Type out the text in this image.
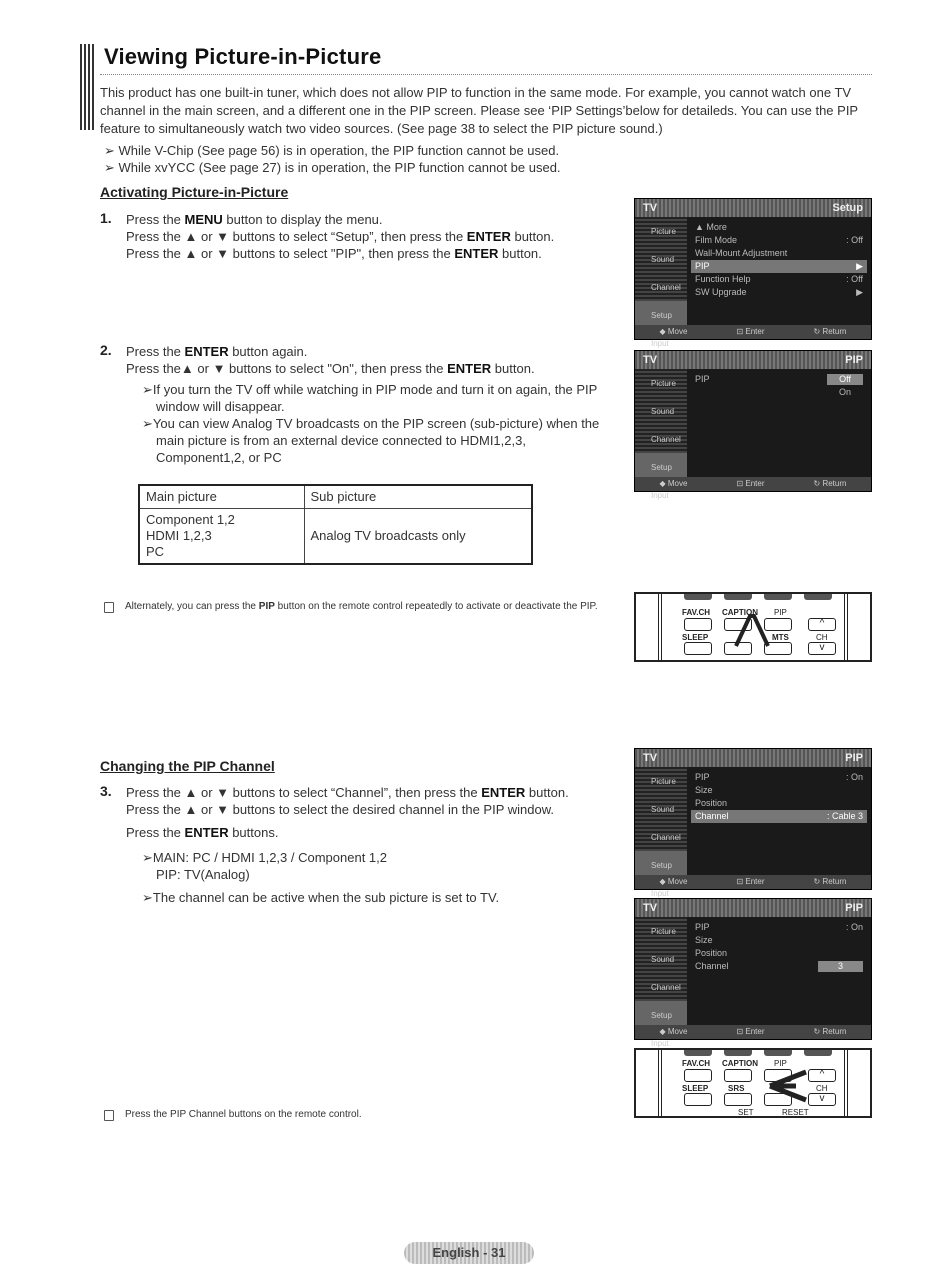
Viewing Picture-in-Picture

This product has one built-in tuner, which does not allow PIP to function in the same mode. For example, you cannot watch one TV channel in the main screen, and a different one in the PIP screen. Please see ‘PIP Settings’below for detaileds. You can use the PIP feature to simultaneously watch two video sources. (See page 38 to select the PIP picture sound.)

➢ While V-Chip (See page 56) is in operation, the PIP function cannot be used.
➢ While xvYCC (See page 27) is in operation, the PIP function cannot be used.
Activating Picture-in-Picture
1. Press the MENU button to display the menu.
Press the ▲ or ▼ buttons to select “Setup”, then press the ENTER button.
Press the ▲ or ▼ buttons to select "PIP", then press the ENTER button.
2. Press the ENTER button again.
Press the▲ or ▼ buttons to select "On", then press the ENTER button.
➢ If you turn the TV off while watching in PIP mode and turn it on again, the PIP window will disappear.
➢ You can view Analog TV broadcasts on the PIP screen (sub-picture) when the main picture is from an external device connected to HDMI1,2,3, Component1,2, or PC
Main picture	Sub picture

Component 1,2
HDMI 1,2,3
PC	Analog TV broadcasts only
Alternately, you can press the PIP button on the remote control repeatedly to activate or deactivate the PIP.
Changing the PIP Channel
3. Press the ▲ or ▼ buttons to select “Channel”, then press the ENTER button.
Press the ▲ or ▼ buttons to select the desired channel in the PIP window.
Press the ENTER buttons.
➢ MAIN: PC / HDMI 1,2,3 / Component 1,2
PIP: TV(Analog)
➢ The channel can be active when the sub picture is set to TV.
Press the PIP Channel buttons on the remote control.
TV	Setup
Picture
Sound
Channel
Setup
Input
▲ More
Film Mode	: Off
Wall-Mount Adjustment
PIP	▶
Function Help	: Off
SW Upgrade	▶
◆ Move	⊡ Enter	↻ Return
TV	PIP
Picture
Sound
Channel
Setup
Input
PIP	Off
On
◆ Move	⊡ Enter	↻ Return
TV	PIP
Picture
Sound
Channel
Setup
Input
PIP	: On
Size
Position
Channel	: Cable 3
◆ Move	⊡ Enter	↻ Return
TV	PIP
Picture
Sound
Channel
Setup
Input
PIP	: On
Size
Position
Channel	3
◆ Move	⊡ Enter	↻ Return
FAV.CH CAPTION PIP
^
SLEEP	MTS	CH
v
FAV.CH CAPTION PIP
^
SLEEP SRS	CH
v
SET	RESET
English - 31
